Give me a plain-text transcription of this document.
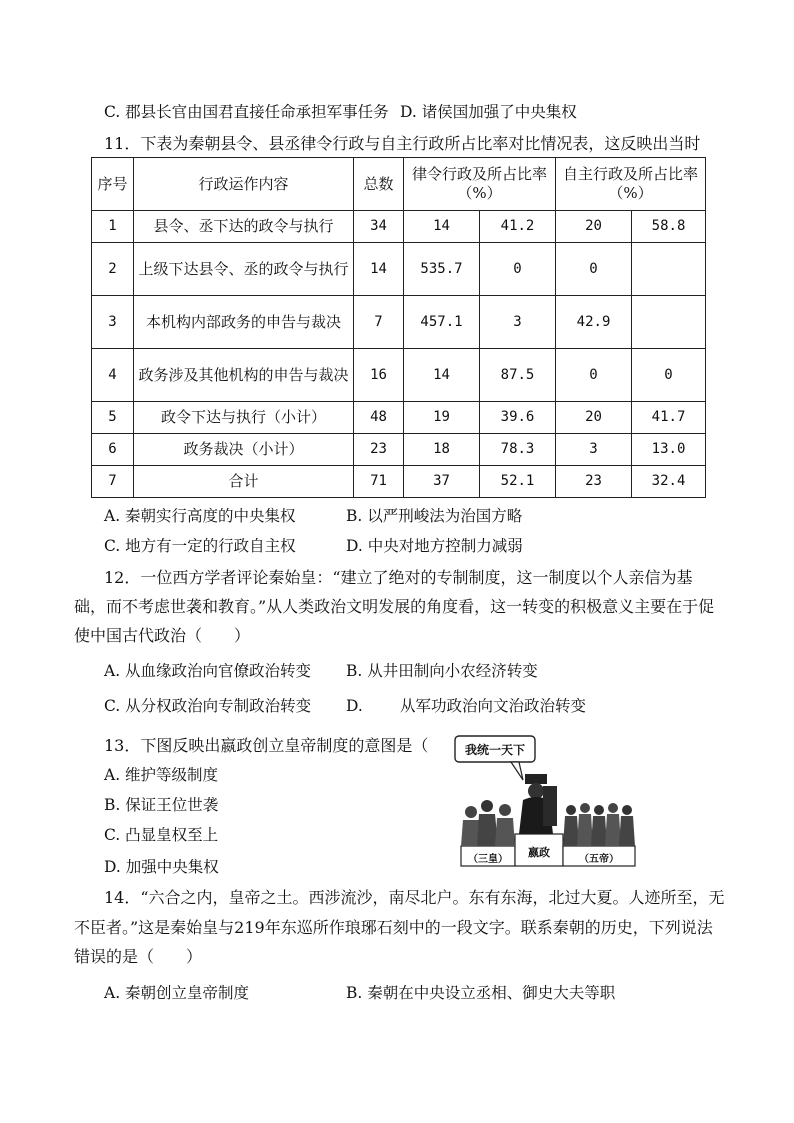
C. 郡县长官由国君直接任命承担军事任务 D. 诸侯国加强了中央集权
11．下表为秦朝县令、县丞律令行政与自主行政所占比率对比情况表，这反映出当时
序号	行政运作内容	总数	律令行政及所占比率（%）		自主行政及所占比率（%）	
1	县令、丞下达的政令与执行	34	14	41.2	20	58.8
2	上级下达县令、丞的政令与执行	14	535.7	0	0	
3	本机构内部政务的申告与裁决	7	457.1	3	42.9	
4	政务涉及其他机构的申告与裁决	16	14	87.5	0	0
5	政令下达与执行（小计）	48	19	39.6	20	41.7
6	政务裁决（小计）	23	18	78.3	3	13.0
7	合计	71	37	52.1	23	32.4
A. 秦朝实行高度的中央集权	B. 以严刑峻法为治国方略
C. 地方有一定的行政自主权	D. 中央对地方控制力减弱
12．一位西方学者评论秦始皇：“建立了绝对的专制制度，这一制度以个人亲信为基
础，而不考虑世袭和教育。”从人类政治文明发展的角度看，这一转变的积极意义主要在于促
使中国古代政治（　　）
A. 从血缘政治向官僚政治转变 B. 从井田制向小农经济转变
C. 从分权政治向专制政治转变 D. 从军功政治向文治政治转变
13．下图反映出嬴政创立皇帝制度的意图是（
A. 维护等级制度
B. 保证王位世袭
C. 凸显皇权至上
D. 加强中央集权
我统一天下
嬴政
（三皇）	（五帝）
14．“六合之内，皇帝之土。西涉流沙，南尽北户。东有东海，北过大夏。人迹所至，无
不臣者。”这是秦始皇与219年东巡所作琅琊石刻中的一段文字。联系秦朝的历史，下列说法
错误的是（　　）
A. 秦朝创立皇帝制度	B. 秦朝在中央设立丞相、御史大夫等职
